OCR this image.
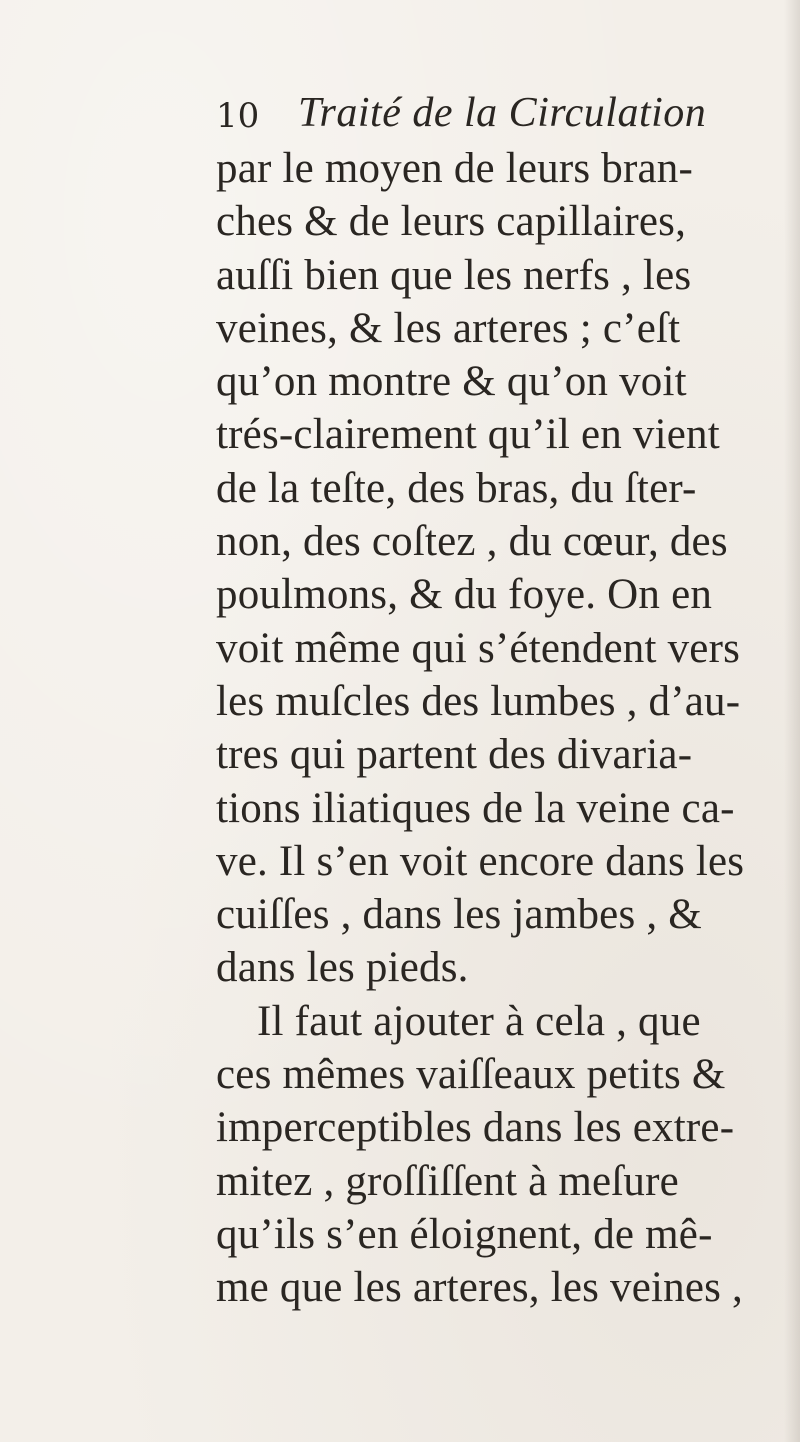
10 Traité de la Circulation
par le moyen de leurs bran-
ches & de leurs capillaires,
auſſi bien que les nerfs , les
veines, & les arteres ; c’eſt
qu’on montre & qu’on voit
trés-clairement qu’il en vient
de la teſte, des bras, du ſter-
non, des coſtez , du cœur, des
poulmons, & du foye. On en
voit même qui s’étendent vers
les muſcles des lumbes , d’au-
tres qui partent des divaria-
tions iliatiques de la veine ca-
ve. Il s’en voit encore dans les
cuiſſes , dans les jambes , &
dans les pieds.
Il faut ajouter à cela , que
ces mêmes vaiſſeaux petits &
imperceptibles dans les extre-
mitez , groſſiſſent à meſure
qu’ils s’en éloignent, de mê-
me que les arteres, les veines ,
